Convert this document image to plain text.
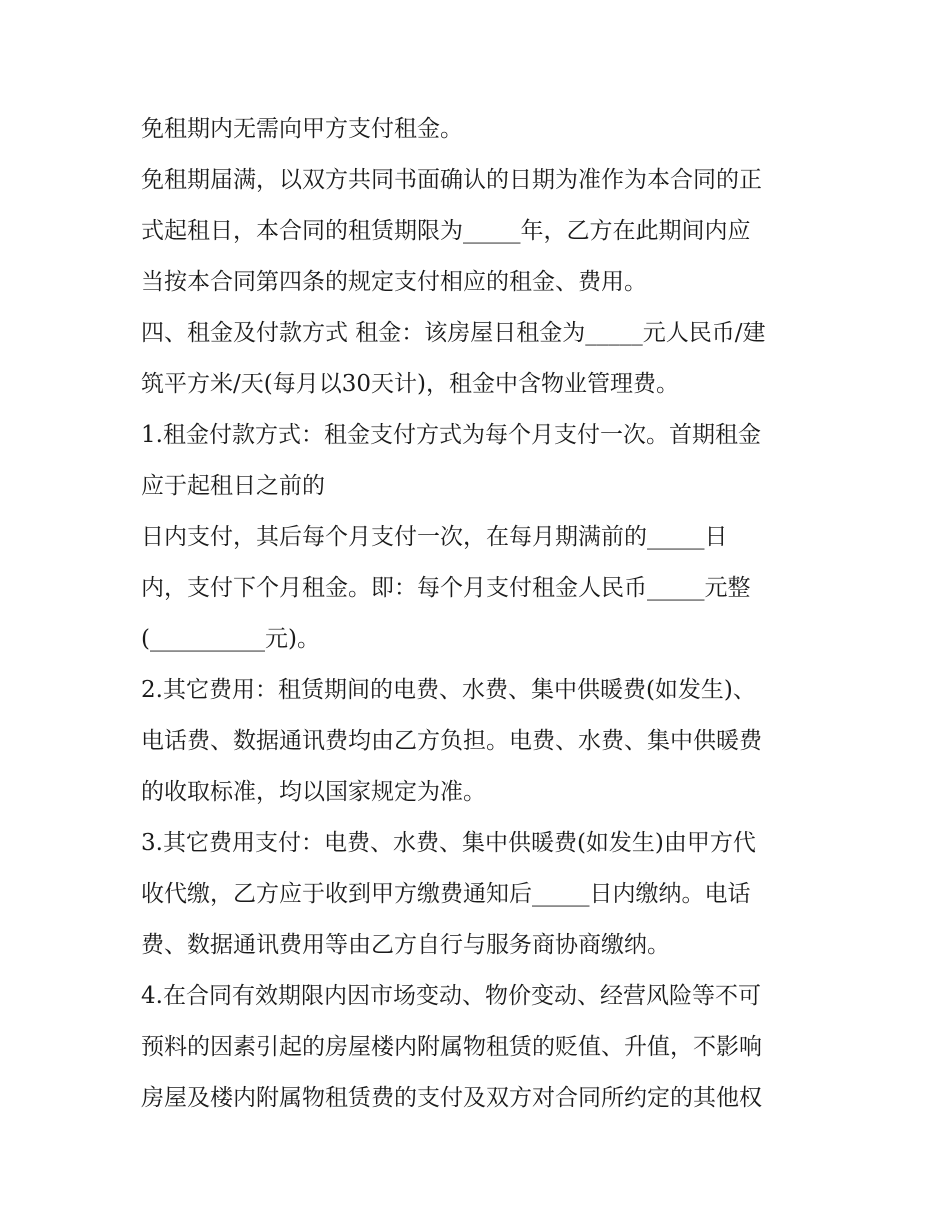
免租期内无需向甲方支付租金。
免租期届满，以双方共同书面确认的日期为准作为本合同的正
式起租日，本合同的租赁期限为_____年，乙方在此期间内应
当按本合同第四条的规定支付相应的租金、费用。
四、租金及付款方式 租金：该房屋日租金为_____元人民币/建
筑平方米/天(每月以30天计)，租金中含物业管理费。
1.租金付款方式：租金支付方式为每个月支付一次。首期租金
应于起租日之前的
日内支付，其后每个月支付一次，在每月期满前的_____日
内，支付下个月租金。即：每个月支付租金人民币_____元整
(__________元)。
2.其它费用：租赁期间的电费、水费、集中供暖费(如发生)、
电话费、数据通讯费均由乙方负担。电费、水费、集中供暖费
的收取标准，均以国家规定为准。
3.其它费用支付：电费、水费、集中供暖费(如发生)由甲方代
收代缴，乙方应于收到甲方缴费通知后_____日内缴纳。电话
费、数据通讯费用等由乙方自行与服务商协商缴纳。
4.在合同有效期限内因市场变动、物价变动、经营风险等不可
预料的因素引起的房屋楼内附属物租赁的贬值、升值，不影响
房屋及楼内附属物租赁费的支付及双方对合同所约定的其他权
